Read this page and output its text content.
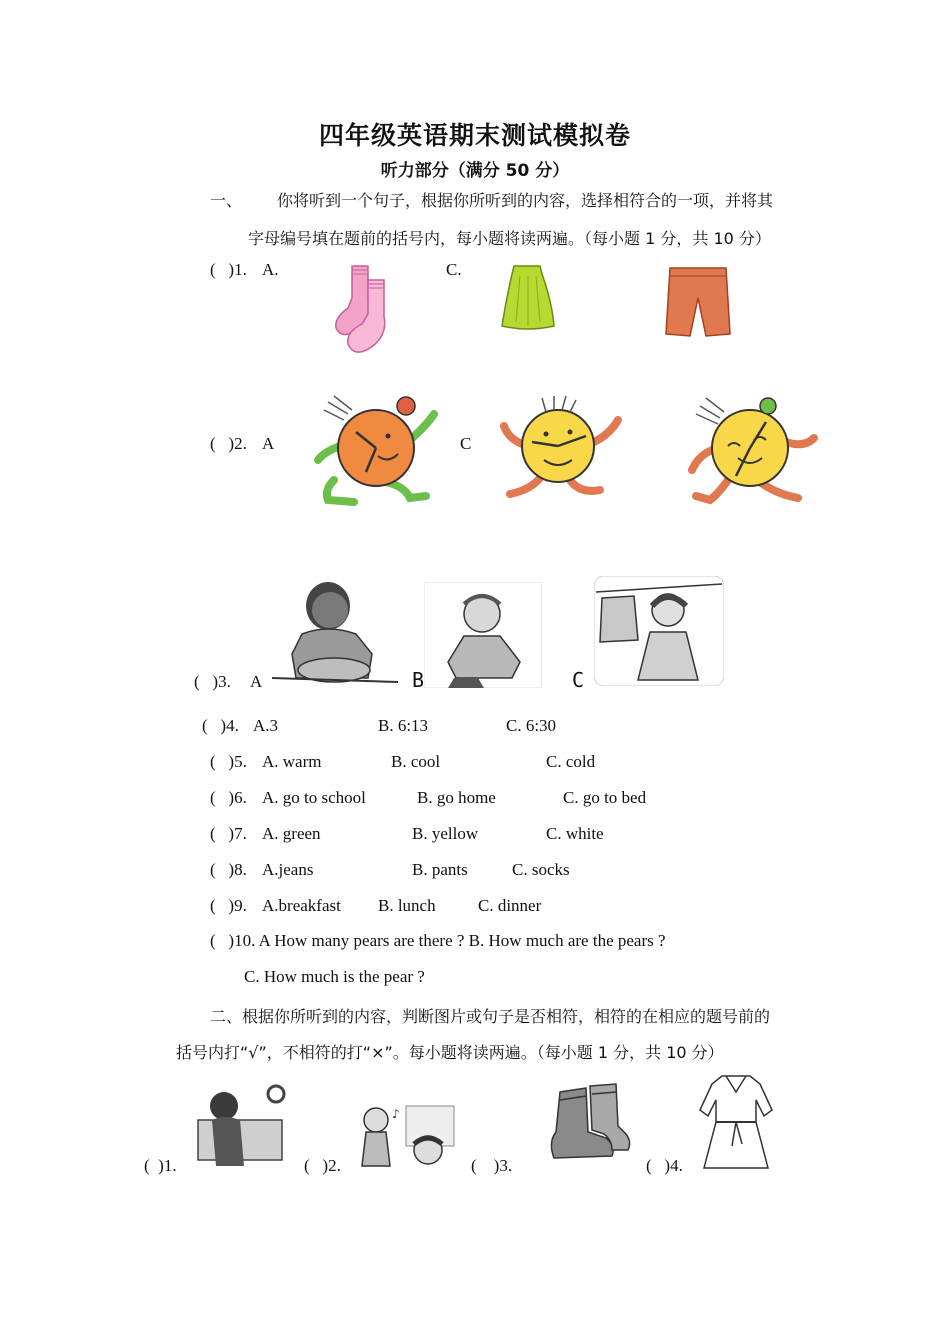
四年级英语期末测试模拟卷
听力部分（满分 50 分）
一、 你将听到一个句子，根据你所听到的内容，选择相符合的一项，并将其
字母编号填在题前的括号内，每小题将读两遍。（每小题 1 分，共 10 分）
(   )1. A.	C.
(   )2. A	C
(   )3. A	B	C
(   )4. A.3	B. 6:13	C. 6:30
(   )5. A. warm	B. cool	C. cold
(   )6. A. go to school	B. go home	C. go to bed
(   )7. A. green	B. yellow	C. white
(   )8. A.jeans	B. pants	C. socks
(   )9. A.breakfast B. lunch C. dinner
(   )10. A How many pears are there ? B. How much are the pears ?
C. How much is the pear ?
二、根据你所听到的内容，判断图片或句子是否相符，相符的在相应的题号前的
括号内打“√”，不相符的打“×”。每小题将读两遍。（每小题 1 分，共 10 分）
♪
(  )1.	(   )2.	(    )3.	(   )4.
